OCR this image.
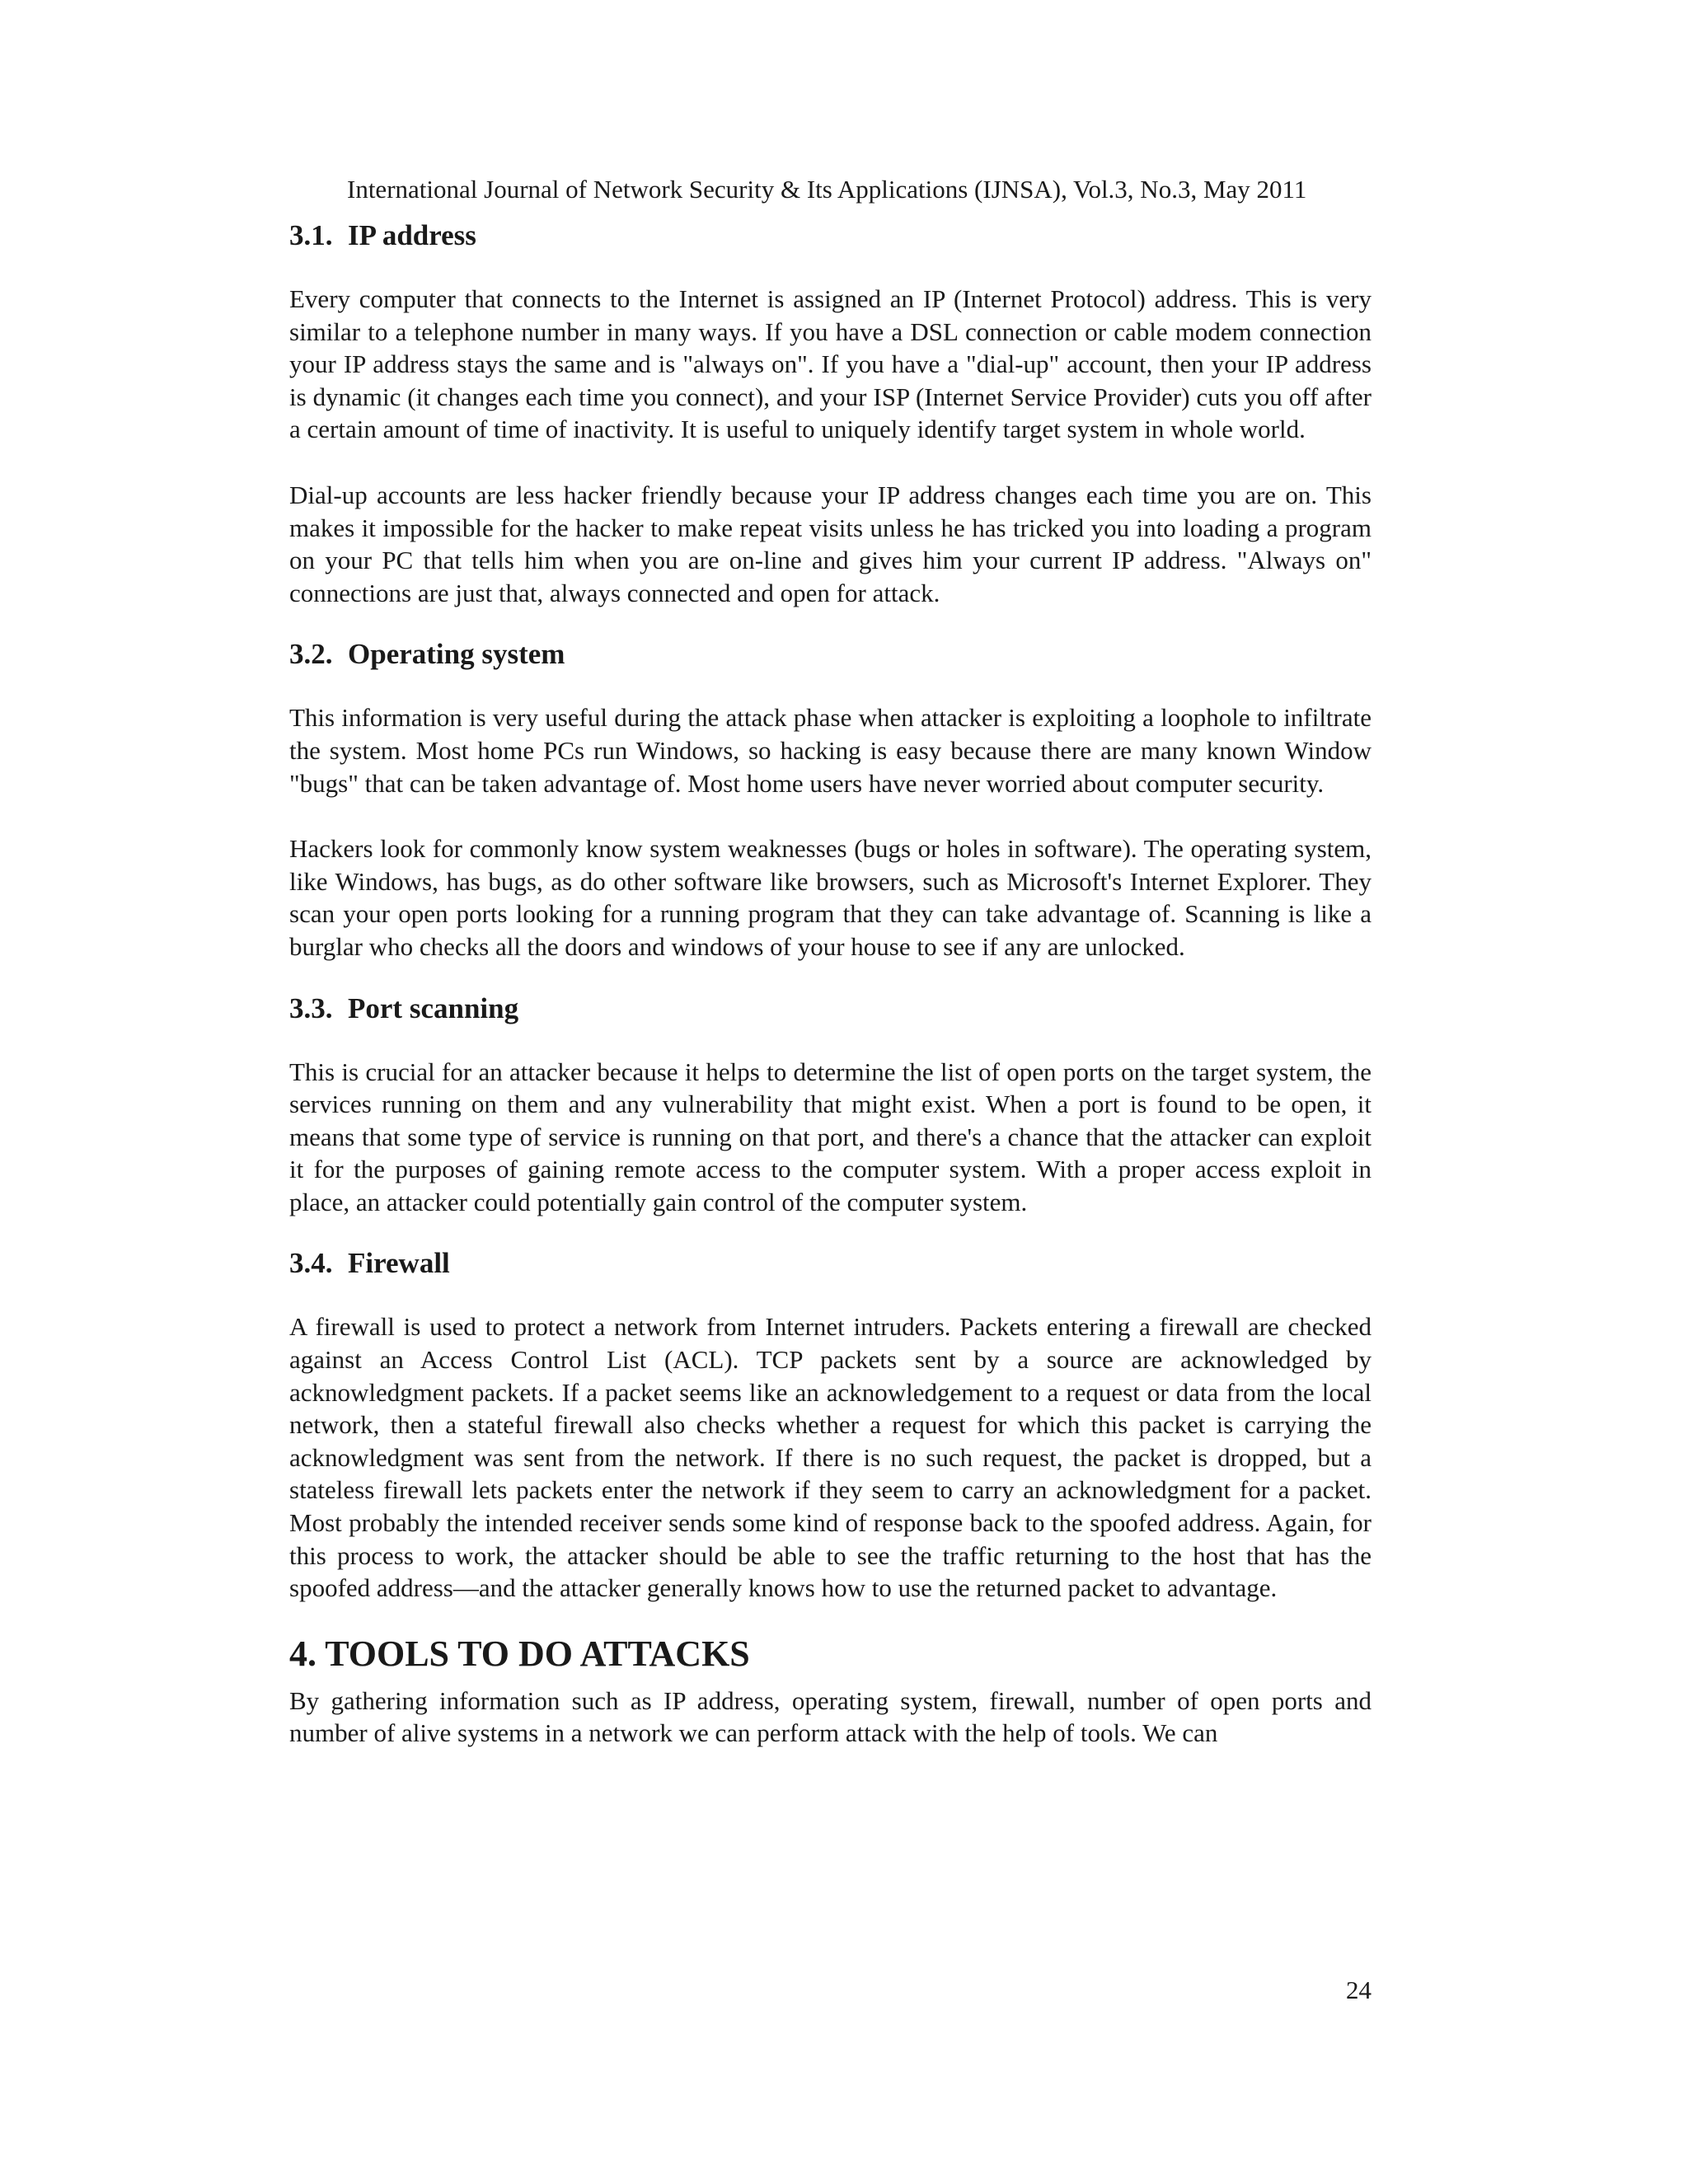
International Journal of Network Security & Its Applications (IJNSA), Vol.3, No.3, May 2011
3.1. IP address

Every computer that connects to the Internet is assigned an IP (Internet Protocol) address. This is very similar to a telephone number in many ways. If you have a DSL connection or cable modem connection your IP address stays the same and is "always on". If you have a "dial-up" account, then your IP address is dynamic (it changes each time you connect), and your ISP (Internet Service Provider) cuts you off after a certain amount of time of inactivity. It is useful to uniquely identify target system in whole world.

Dial-up accounts are less hacker friendly because your IP address changes each time you are on. This makes it impossible for the hacker to make repeat visits unless he has tricked you into loading a program on your PC that tells him when you are on-line and gives him your current IP address. "Always on" connections are just that, always connected and open for attack.

3.2. Operating system

This information is very useful during the attack phase when attacker is exploiting a loophole to infiltrate the system. Most home PCs run Windows, so hacking is easy because there are many known Window "bugs" that can be taken advantage of. Most home users have never worried about computer security.

Hackers look for commonly know system weaknesses (bugs or holes in software). The operating system, like Windows, has bugs, as do other software like browsers, such as Microsoft's Internet Explorer. They scan your open ports looking for a running program that they can take advantage of. Scanning is like a burglar who checks all the doors and windows of your house to see if any are unlocked.

3.3. Port scanning

This is crucial for an attacker because it helps to determine the list of open ports on the target system, the services running on them and any vulnerability that might exist. When a port is found to be open, it means that some type of service is running on that port, and there's a chance that the attacker can exploit it for the purposes of gaining remote access to the computer system. With a proper access exploit in place, an attacker could potentially gain control of the computer system.

3.4. Firewall

A firewall is used to protect a network from Internet intruders. Packets entering a firewall are checked against an Access Control List (ACL). TCP packets sent by a source are acknowledged by acknowledgment packets. If a packet seems like an acknowledgement to a request or data from the local network, then a stateful firewall also checks whether a request for which this packet is carrying the acknowledgment was sent from the network. If there is no such request, the packet is dropped, but a stateless firewall lets packets enter the network if they seem to carry an acknowledgment for a packet. Most probably the intended receiver sends some kind of response back to the spoofed address. Again, for this process to work, the attacker should be able to see the traffic returning to the host that has the spoofed address—and the attacker generally knows how to use the returned packet to advantage.

4. TOOLS TO DO ATTACKS

By gathering information such as IP address, operating system, firewall, number of open ports and number of alive systems in a network we can perform attack with the help of tools. We can

24
